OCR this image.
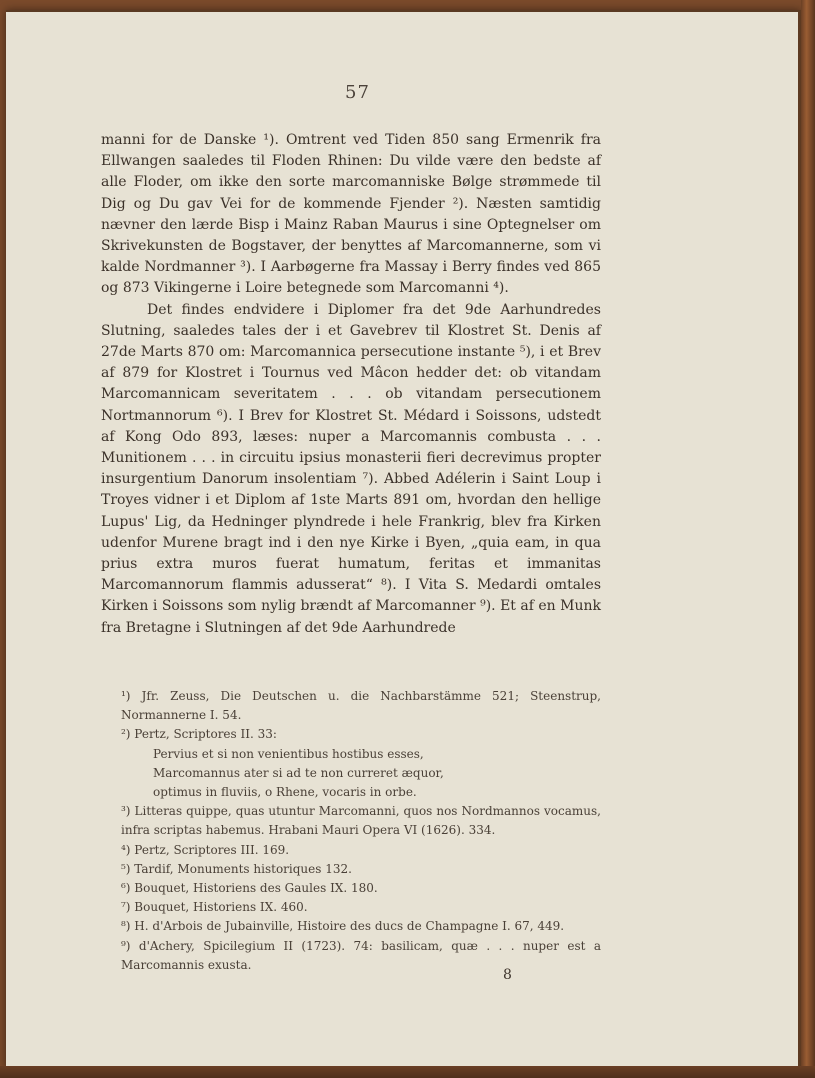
57

manni for de Danske ¹). Omtrent ved Tiden 850 sang Ermenrik fra Ellwangen saaledes til Floden Rhinen: Du vilde være den bedste af alle Floder, om ikke den sorte marcomanniske Bølge strømmede til Dig og Du gav Vei for de kommende Fjender ²). Næsten samtidig nævner den lærde Bisp i Mainz Raban Maurus i sine Optegnelser om Skrivekunsten de Bogstaver, der benyttes af Marcomannerne, som vi kalde Nordmanner ³). I Aarbøgerne fra Massay i Berry findes ved 865 og 873 Vikingerne i Loire betegnede som Marcomanni ⁴).

Det findes endvidere i Diplomer fra det 9de Aarhundredes Slutning, saaledes tales der i et Gavebrev til Klostret St. Denis af 27de Marts 870 om: Marcomannica persecutione instante ⁵), i et Brev af 879 for Klostret i Tournus ved Mâcon hedder det: ob vitandam Marcomannicam severitatem . . . ob vitandam persecutionem Nortmannorum ⁶). I Brev for Klostret St. Médard i Soissons, udstedt af Kong Odo 893, læses: nuper a Marcomannis combusta . . . Munitionem . . . in circuitu ipsius monasterii fieri decrevimus propter insurgentium Danorum insolentiam ⁷). Abbed Adélerin i Saint Loup i Troyes vidner i et Diplom af 1ste Marts 891 om, hvordan den hellige Lupus' Lig, da Hedninger plyndrede i hele Frankrig, blev fra Kirken udenfor Murene bragt ind i den nye Kirke i Byen, „quia eam, in qua prius extra muros fuerat humatum, feritas et immanitas Marcomannorum flammis adusserat“ ⁸). I Vita S. Medardi omtales Kirken i Soissons som nylig brændt af Marcomanner ⁹). Et af en Munk fra Bretagne i Slutningen af det 9de Aarhundrede

¹) Jfr. Zeuss, Die Deutschen u. die Nachbarstämme 521; Steenstrup, Normannerne I. 54.

²) Pertz, Scriptores II. 33:

Pervius et si non venientibus hostibus esses,

Marcomannus ater si ad te non curreret æquor,

optimus in fluviis, o Rhene, vocaris in orbe.

³) Litteras quippe, quas utuntur Marcomanni, quos nos Nordmannos vocamus, infra scriptas habemus. Hrabani Mauri Opera VI (1626). 334.

⁴) Pertz, Scriptores III. 169.

⁵) Tardif, Monuments historiques 132.

⁶) Bouquet, Historiens des Gaules IX. 180.

⁷) Bouquet, Historiens IX. 460.

⁸) H. d'Arbois de Jubainville, Histoire des ducs de Champagne I. 67, 449.

⁹) d'Achery, Spicilegium II (1723). 74: basilicam, quæ . . . nuper est a Marcomannis exusta.

8
